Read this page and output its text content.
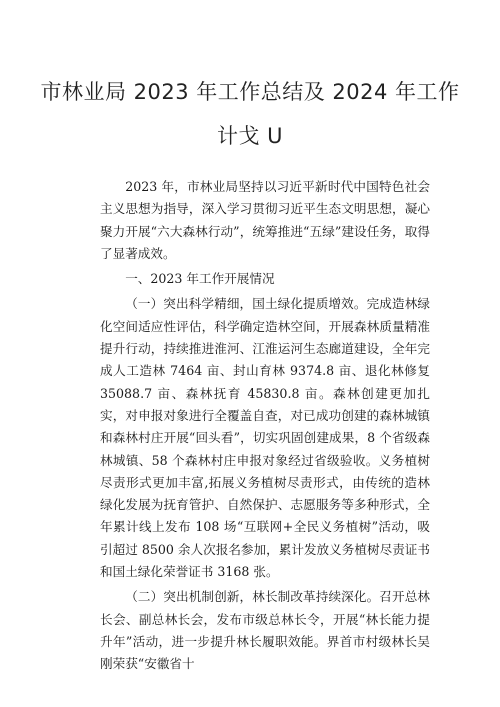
市林业局 2023 年工作总结及 2024 年工作
计戈 U

2023 年，市林业局坚持以习近平新时代中国特色社会主义思想为指导，深入学习贯彻习近平生态文明思想，凝心聚力开展“六大森林行动”，统筹推进“五绿”建设任务，取得了显著成效。

一、2023 年工作开展情况

（一）突出科学精细，国土绿化提质增效。完成造林绿化空间适应性评估，科学确定造林空间，开展森林质量精准提升行动，持续推进淮河、江淮运河生态廊道建设，全年完成人工造林 7464 亩、封山育林 9374.8 亩、退化林修复 35088.7 亩、森林抚育 45830.8 亩。森林创建更加扎实，对申报对象进行全覆盖自查，对已成功创建的森林城镇和森林村庄开展“回头看”，切实巩固创建成果，8 个省级森林城镇、58 个森林村庄申报对象经过省级验收。义务植树尽责形式更加丰富,拓展义务植树尽责形式，由传统的造林绿化发展为抚育管护、自然保护、志愿服务等多种形式，全年累计线上发布 108 场“互联网+全民义务植树”活动，吸引超过 8500 余人次报名参加，累计发放义务植树尽责证书和国土绿化荣誉证书 3168 张。

（二）突出机制创新，林长制改革持续深化。召开总林长会、副总林长会，发布市级总林长令，开展“林长能力提升年”活动，进一步提升林长履职效能。界首市村级林长吴刚荣获“安徽省十
